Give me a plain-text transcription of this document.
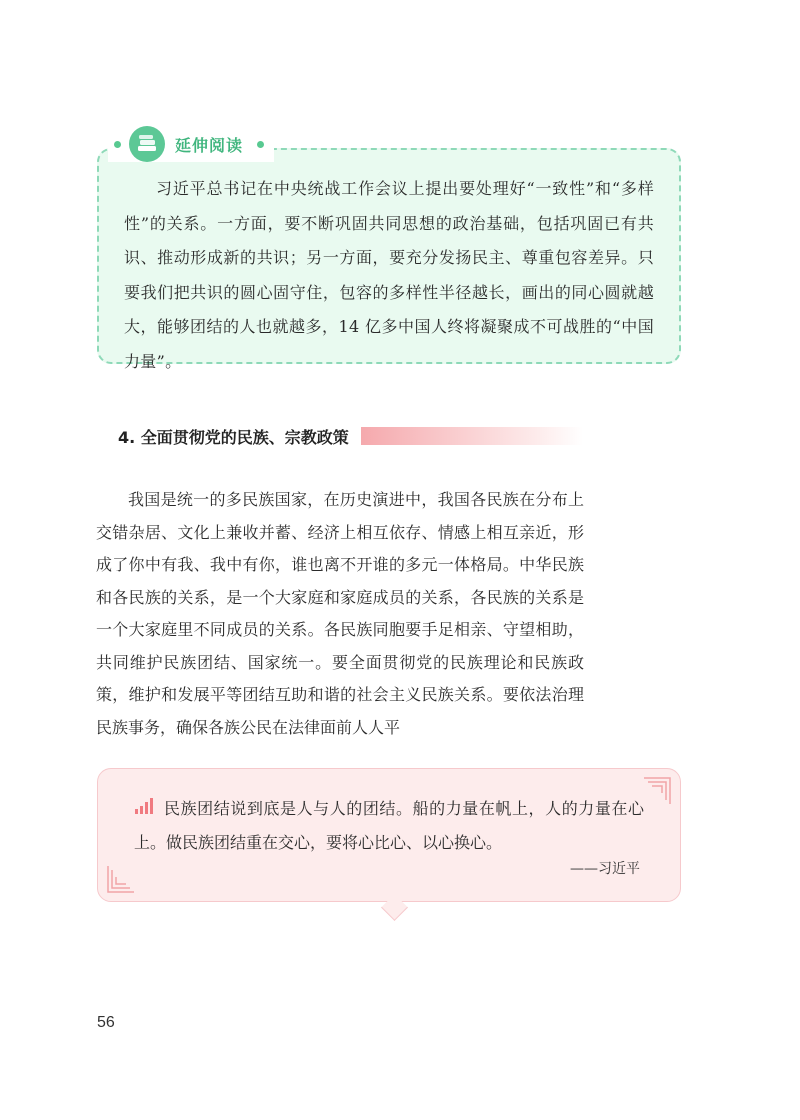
延伸阅读

习近平总书记在中央统战工作会议上提出要处理好“一致性”和“多样性”的关系。一方面，要不断巩固共同思想的政治基础，包括巩固已有共识、推动形成新的共识；另一方面，要充分发扬民主、尊重包容差异。只要我们把共识的圆心固守住，包容的多样性半径越长，画出的同心圆就越大，能够团结的人也就越多，14 亿多中国人终将凝聚成不可战胜的“中国力量”。

4. 全面贯彻党的民族、宗教政策

我国是统一的多民族国家，在历史演进中，我国各民族在分布上交错杂居、文化上兼收并蓄、经济上相互依存、情感上相互亲近，形成了你中有我、我中有你，谁也离不开谁的多元一体格局。中华民族和各民族的关系，是一个大家庭和家庭成员的关系，各民族的关系是一个大家庭里不同成员的关系。各民族同胞要手足相亲、守望相助，共同维护民族团结、国家统一。要全面贯彻党的民族理论和民族政策，维护和发展平等团结互助和谐的社会主义民族关系。要依法治理民族事务，确保各族公民在法律面前人人平

民族团结说到底是人与人的团结。船的力量在帆上，人的力量在心上。做民族团结重在交心，要将心比心、以心换心。

——习近平
56
